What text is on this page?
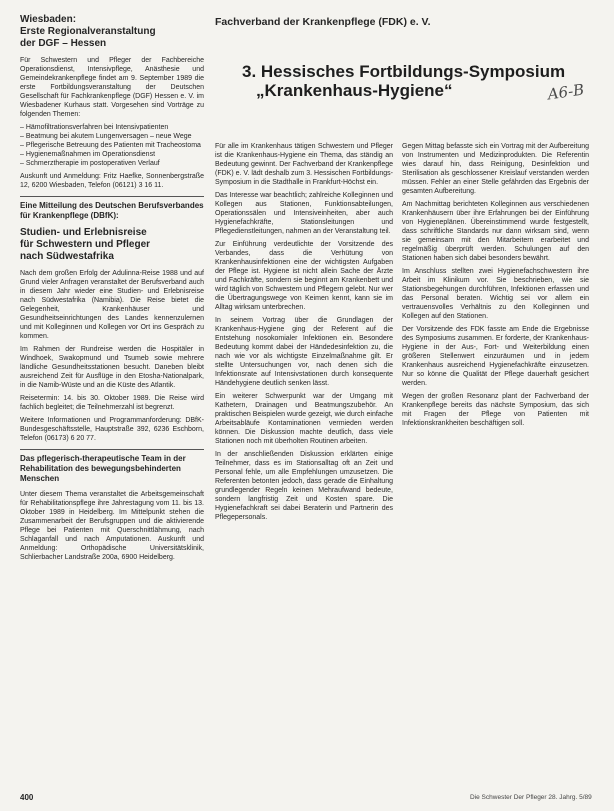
Wiesbaden:
Erste Regionalveranstaltung
der DGF – Hessen

Für Schwestern und Pfleger der Fachbereiche Operationsdienst, Intensivpflege, Anästhesie und Gemeindekrankenpflege findet am 9. September 1989 die erste Fortbildungsveranstaltung der Deutschen Gesellschaft für Fachkrankenpflege (DGF) Hessen e. V. im Wiesbadener Kurhaus statt. Vorgesehen sind Vorträge zu folgenden Themen:

– Hämofiltrationsverfahren bei Intensivpatienten

– Beatmung bei akutem Lungenversagen – neue Wege

– Pflegerische Betreuung des Patienten mit Tracheostoma

– Hygienemaßnahmen im Operationsdienst

– Schmerztherapie im postoperativen Verlauf

Auskunft und Anmeldung: Fritz Haefke, Sonnenbergstraße 12, 6200 Wiesbaden, Telefon (06121) 3 16 11.

Eine Mitteilung des Deutschen Berufsverbandes für Krankenpflege (DBfK):
Studien- und Erlebnisreise
für Schwestern und Pfleger
nach Südwestafrika

Nach dem großen Erfolg der Adulinna-Reise 1988 und auf Grund vieler Anfragen veranstaltet der Berufsverband auch in diesem Jahr wieder eine Studien- und Erlebnisreise nach Südwestafrika (Namibia). Die Reise bietet die Gelegenheit, Krankenhäuser und Gesundheitseinrichtungen des Landes kennenzulernen und mit Kolleginnen und Kollegen vor Ort ins Gespräch zu kommen.

Im Rahmen der Rundreise werden die Hospitäler in Windhoek, Swakopmund und Tsumeb sowie mehrere ländliche Gesundheitsstationen besucht. Daneben bleibt ausreichend Zeit für Ausflüge in den Etosha-Nationalpark, in die Namib-Wüste und an die Küste des Atlantik.

Reisetermin: 14. bis 30. Oktober 1989. Die Reise wird fachlich begleitet; die Teilnehmerzahl ist begrenzt.

Weitere Informationen und Programmanforderung: DBfK-Bundesgeschäftsstelle, Hauptstraße 392, 6236 Eschborn, Telefon (06173) 6 20 77.

Das pflegerisch-therapeutische Team in der Rehabilitation des bewegungsbehinderten Menschen

Unter diesem Thema veranstaltet die Arbeitsgemeinschaft für Rehabilitationspflege ihre Jahrestagung vom 11. bis 13. Oktober 1989 in Heidelberg. Im Mittelpunkt stehen die Zusammenarbeit der Berufsgruppen und die aktivierende Pflege bei Patienten mit Querschnittlähmung, nach Schlaganfall und nach Amputationen. Auskunft und Anmeldung: Orthopädische Universitätsklinik, Schlierbacher Landstraße 200a, 6900 Heidelberg.

Fachverband der Krankenpflege (FDK) e. V.
3. Hessisches Fortbildungs-Symposium
„Krankenhaus-Hygiene“	A6-B

Für alle im Krankenhaus tätigen Schwestern und Pfleger ist die Krankenhaus-Hygiene ein Thema, das ständig an Bedeutung gewinnt. Der Fachverband der Krankenpflege (FDK) e. V. lädt deshalb zum 3. Hessischen Fortbildungs-Symposium in die Stadthalle in Frankfurt-Höchst ein.

Das Interesse war beachtlich; zahlreiche Kolleginnen und Kollegen aus Stationen, Funktionsabteilungen, Operationssälen und Intensiveinheiten, aber auch Hygienefachkräfte, Stationsleitungen und Pflegedienstleitungen, nahmen an der Veranstaltung teil.

Zur Einführung verdeutlichte der Vorsitzende des Verbandes, dass die Verhütung von Krankenhausinfektionen eine der wichtigsten Aufgaben der Pflege ist. Hygiene ist nicht allein Sache der Ärzte und Fachkräfte, sondern sie beginnt am Krankenbett und wird täglich von Schwestern und Pflegern gelebt. Nur wer die Übertragungswege von Keimen kennt, kann sie im Alltag wirksam unterbrechen.

In seinem Vortrag über die Grundlagen der Krankenhaus-Hygiene ging der Referent auf die Entstehung nosokomialer Infektionen ein. Besondere Bedeutung kommt dabei der Händedesinfektion zu, die nach wie vor als wichtigste Einzelmaßnahme gilt. Er stellte Untersuchungen vor, nach denen sich die Infektionsrate auf Intensivstationen durch konsequente Händehygiene deutlich senken lässt.

Ein weiterer Schwerpunkt war der Umgang mit Kathetern, Drainagen und Beatmungszubehör. An praktischen Beispielen wurde gezeigt, wie durch einfache Arbeitsabläufe Kontaminationen vermieden werden können. Die Diskussion machte deutlich, dass viele Stationen noch mit überholten Routinen arbeiten.

In der anschließenden Diskussion erklärten einige Teilnehmer, dass es im Stationsalltag oft an Zeit und Personal fehle, um alle Empfehlungen umzusetzen. Die Referenten betonten jedoch, dass gerade die Einhaltung grundlegender Regeln keinen Mehraufwand bedeute, sondern langfristig Zeit und Kosten spare. Die Hygienefachkraft sei dabei Beraterin und Partnerin des Pflegepersonals.

Gegen Mittag befasste sich ein Vortrag mit der Aufbereitung von Instrumenten und Medizinprodukten. Die Referentin wies darauf hin, dass Reinigung, Desinfektion und Sterilisation als geschlossener Kreislauf verstanden werden müssen. Fehler an einer Stelle gefährden das Ergebnis der gesamten Aufbereitung.

Am Nachmittag berichteten Kolleginnen aus verschiedenen Krankenhäusern über ihre Erfahrungen bei der Einführung von Hygieneplänen. Übereinstimmend wurde festgestellt, dass schriftliche Standards nur dann wirksam sind, wenn sie gemeinsam mit den Mitarbeitern erarbeitet und regelmäßig überprüft werden. Schulungen auf den Stationen haben sich dabei besonders bewährt.

Im Anschluss stellten zwei Hygienefachschwestern ihre Arbeit im Klinikum vor. Sie beschrieben, wie sie Stationsbegehungen durchführen, Infektionen erfassen und das Personal beraten. Wichtig sei vor allem ein vertrauensvolles Verhältnis zu den Kolleginnen und Kollegen auf den Stationen.

Der Vorsitzende des FDK fasste am Ende die Ergebnisse des Symposiums zusammen. Er forderte, der Krankenhaus-Hygiene in der Aus-, Fort- und Weiterbildung einen größeren Stellenwert einzuräumen und in jedem Krankenhaus ausreichend Hygienefachkräfte einzusetzen. Nur so könne die Qualität der Pflege dauerhaft gesichert werden.

Wegen der großen Resonanz plant der Fachverband der Krankenpflege bereits das nächste Symposium, das sich mit Fragen der Pflege von Patienten mit Infektionskrankheiten beschäftigen soll.

400	Die Schwester Der Pfleger 28. Jahrg. 5/89
